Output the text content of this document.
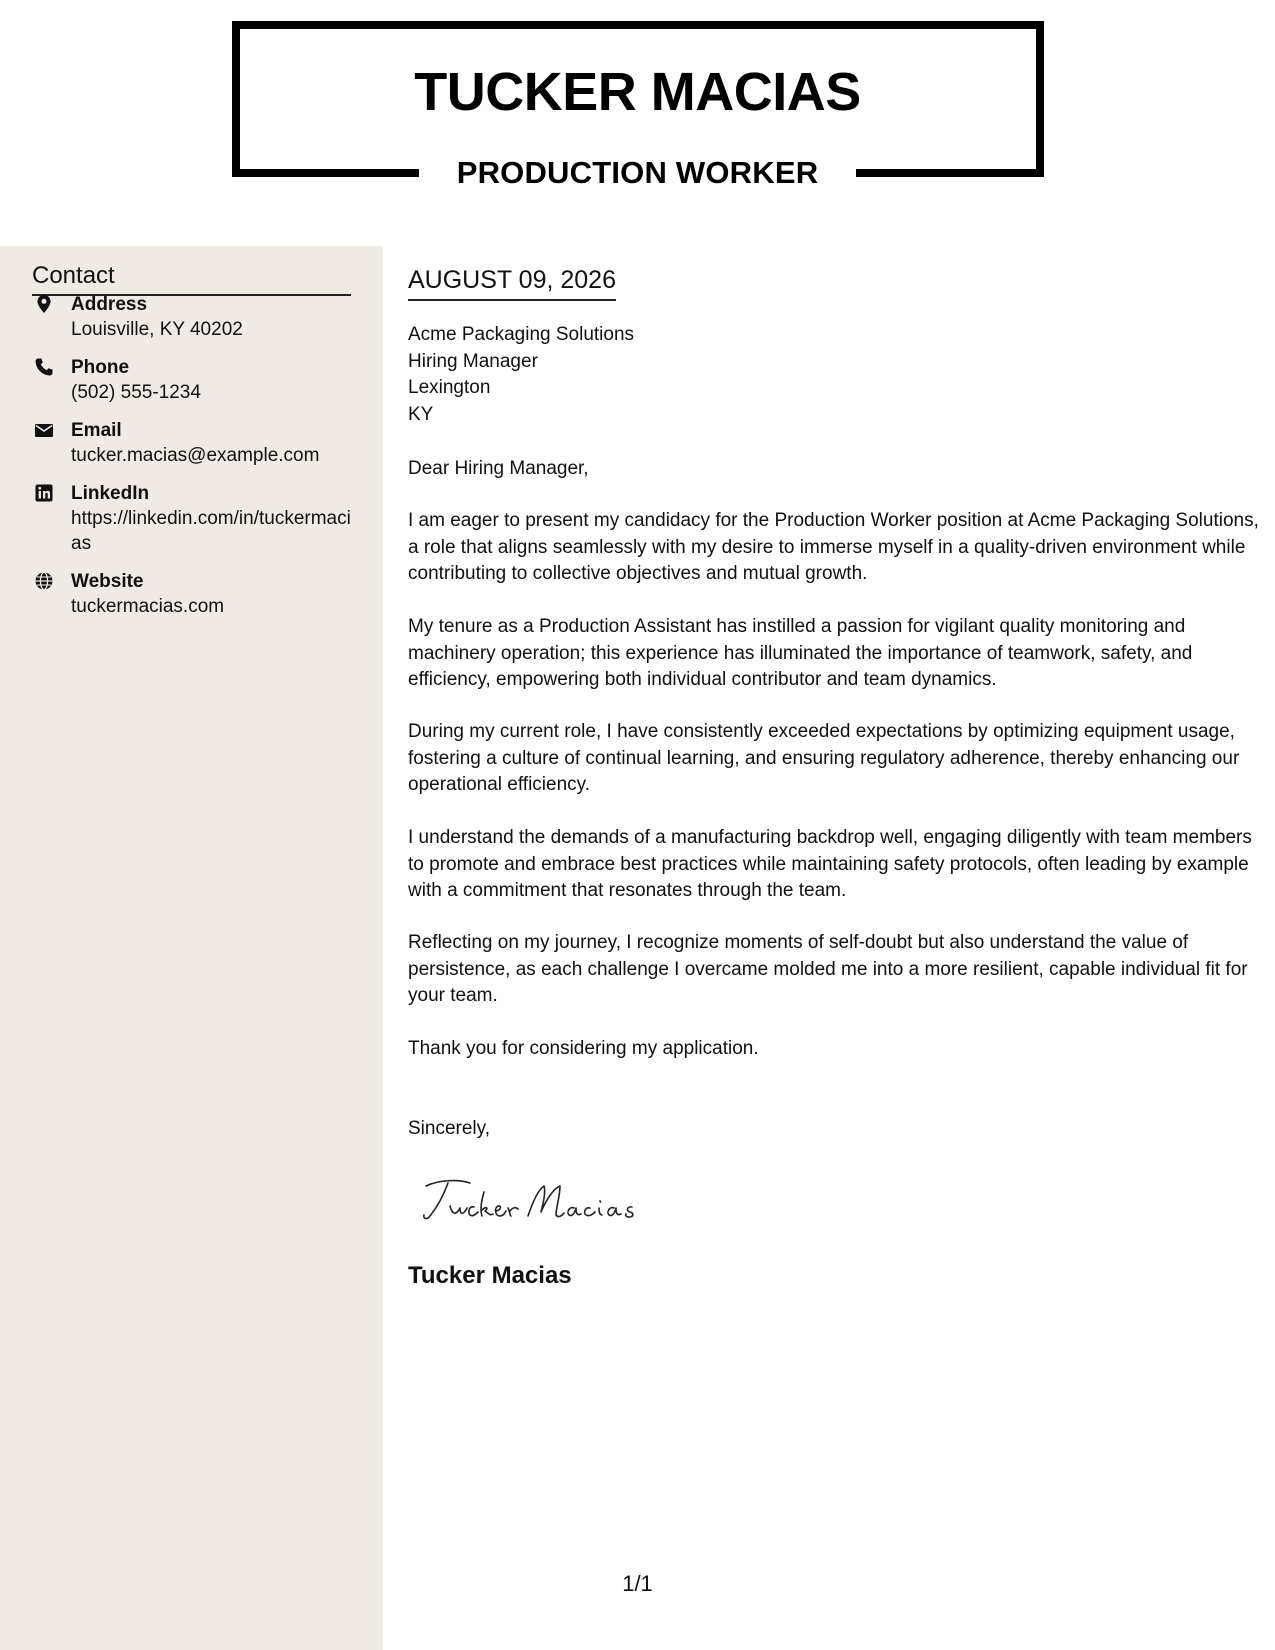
TUCKER MACIAS
PRODUCTION WORKER
Contact
Address
Louisville, KY 40202
Phone
(502) 555-1234
Email
tucker.macias@example.com
LinkedIn
https://linkedin.com/in/tuckermacias
Website
tuckermacias.com
AUGUST 09, 2026
Acme Packaging Solutions
Hiring Manager
Lexington
KY
Dear Hiring Manager,
I am eager to present my candidacy for the Production Worker position at Acme Packaging Solutions, a role that aligns seamlessly with my desire to immerse myself in a quality-driven environment while contributing to collective objectives and mutual growth.
My tenure as a Production Assistant has instilled a passion for vigilant quality monitoring and machinery operation; this experience has illuminated the importance of teamwork, safety, and efficiency, empowering both individual contributor and team dynamics.
During my current role, I have consistently exceeded expectations by optimizing equipment usage, fostering a culture of continual learning, and ensuring regulatory adherence, thereby enhancing our operational efficiency.
I understand the demands of a manufacturing backdrop well, engaging diligently with team members to promote and embrace best practices while maintaining safety protocols, often leading by example with a commitment that resonates through the team.
Reflecting on my journey, I recognize moments of self-doubt but also understand the value of persistence, as each challenge I overcame molded me into a more resilient, capable individual fit for your team.
Thank you for considering my application.
Sincerely,
Tucker Macias
1/1
